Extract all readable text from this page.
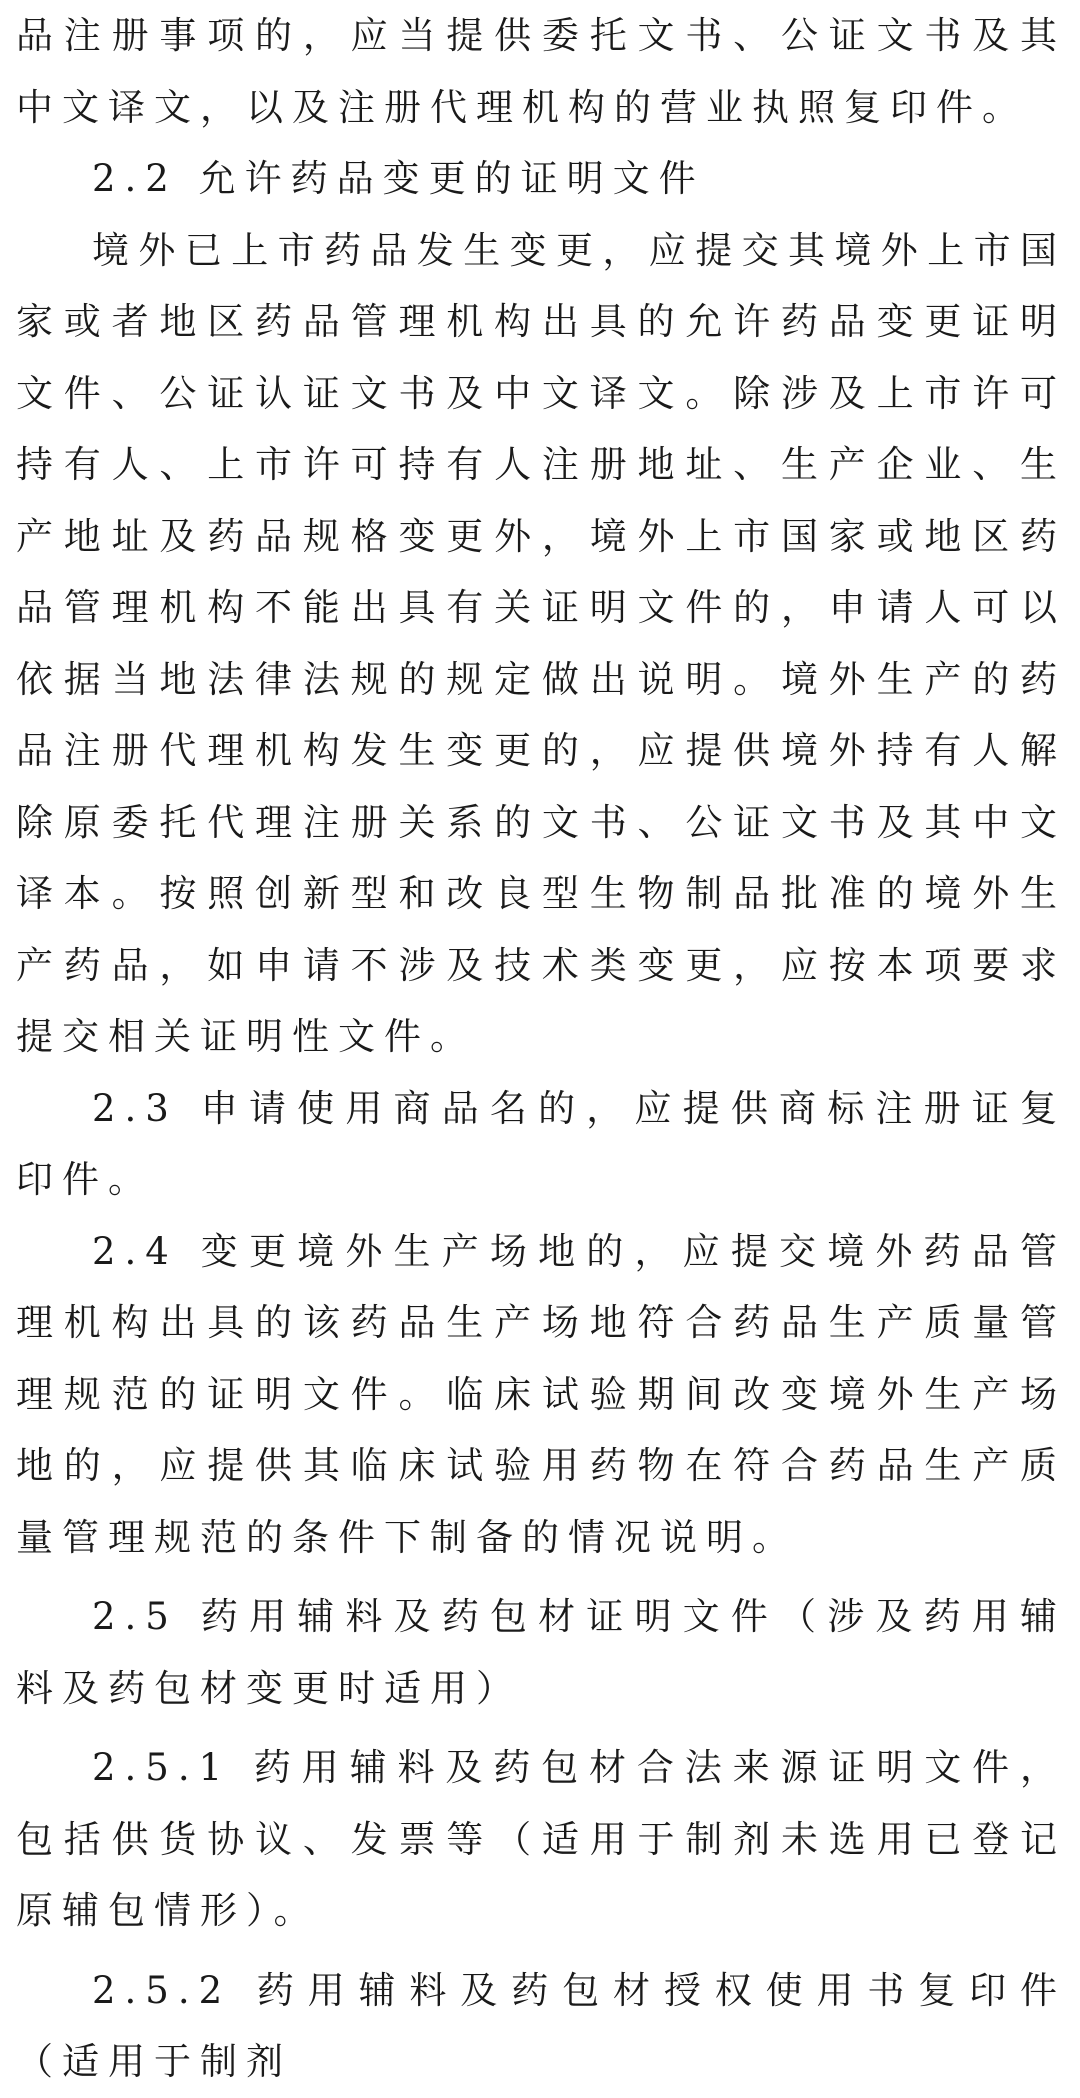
品注册事项的，应当提供委托文书、公证文书及其中文译文，以及注册代理机构的营业执照复印件。

2.2 允许药品变更的证明文件

境外已上市药品发生变更，应提交其境外上市国家或者地区药品管理机构出具的允许药品变更证明文件、公证认证文书及中文译文。除涉及上市许可持有人、上市许可持有人注册地址、生产企业、生产地址及药品规格变更外，境外上市国家或地区药品管理机构不能出具有关证明文件的，申请人可以依据当地法律法规的规定做出说明。境外生产的药品注册代理机构发生变更的，应提供境外持有人解除原委托代理注册关系的文书、公证文书及其中文译本。按照创新型和改良型生物制品批准的境外生产药品，如申请不涉及技术类变更，应按本项要求提交相关证明性文件。

2.3 申请使用商品名的，应提供商标注册证复印件。

2.4 变更境外生产场地的，应提交境外药品管理机构出具的该药品生产场地符合药品生产质量管理规范的证明文件。临床试验期间改变境外生产场地的，应提供其临床试验用药物在符合药品生产质量管理规范的条件下制备的情况说明。

2.5 药用辅料及药包材证明文件（涉及药用辅料及药包材变更时适用）

2.5.1 药用辅料及药包材合法来源证明文件，包括供货协议、发票等（适用于制剂未选用已登记原辅包情形）。

2.5.2 药用辅料及药包材授权使用书复印件（适用于制剂
